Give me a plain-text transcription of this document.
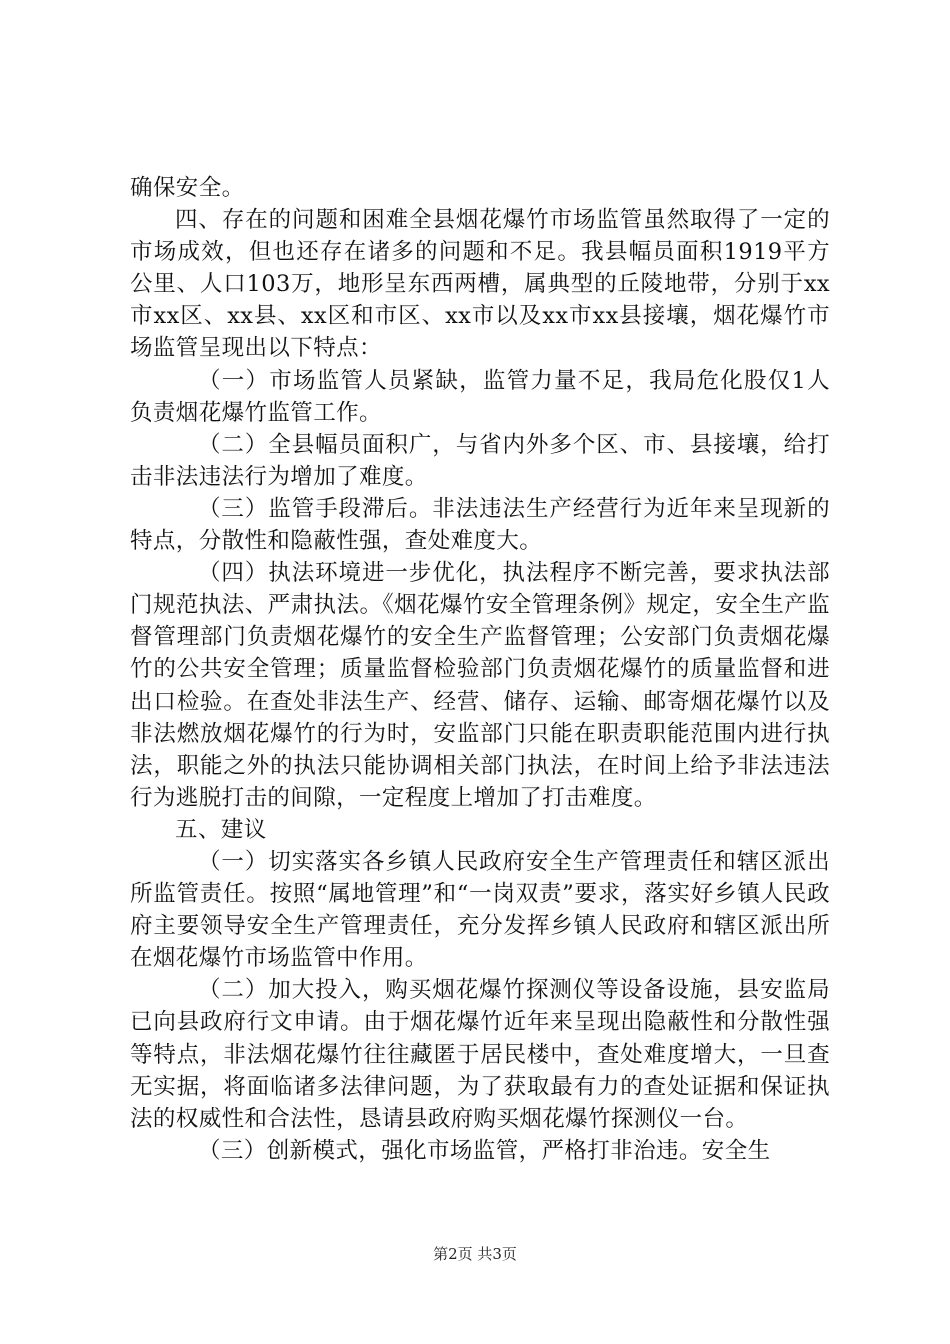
确保安全。

四、存在的问题和困难全县烟花爆竹市场监管虽然取得了一定的市场成效，但也还存在诸多的问题和不足。我县幅员面积1919平方公里、人口103万，地形呈东西两槽，属典型的丘陵地带，分别于xx市xx区、xx县、xx区和市区、xx市以及xx市xx县接壤，烟花爆竹市场监管呈现出以下特点：

（一）市场监管人员紧缺，监管力量不足，我局危化股仅1人负责烟花爆竹监管工作。

（二）全县幅员面积广，与省内外多个区、市、县接壤，给打击非法违法行为增加了难度。

（三）监管手段滞后。非法违法生产经营行为近年来呈现新的特点，分散性和隐蔽性强，查处难度大。

（四）执法环境进一步优化，执法程序不断完善，要求执法部门规范执法、严肃执法。《烟花爆竹安全管理条例》规定，安全生产监督管理部门负责烟花爆竹的安全生产监督管理；公安部门负责烟花爆竹的公共安全管理；质量监督检验部门负责烟花爆竹的质量监督和进出口检验。在查处非法生产、经营、储存、运输、邮寄烟花爆竹以及非法燃放烟花爆竹的行为时，安监部门只能在职责职能范围内进行执法，职能之外的执法只能协调相关部门执法，在时间上给予非法违法行为逃脱打击的间隙，一定程度上增加了打击难度。

五、建议

（一）切实落实各乡镇人民政府安全生产管理责任和辖区派出所监管责任。按照“属地管理”和“一岗双责”要求，落实好乡镇人民政府主要领导安全生产管理责任，充分发挥乡镇人民政府和辖区派出所在烟花爆竹市场监管中作用。

（二）加大投入，购买烟花爆竹探测仪等设备设施，县安监局已向县政府行文申请。由于烟花爆竹近年来呈现出隐蔽性和分散性强等特点，非法烟花爆竹往往藏匿于居民楼中，查处难度增大，一旦查无实据，将面临诸多法律问题，为了获取最有力的查处证据和保证执法的权威性和合法性，恳请县政府购买烟花爆竹探测仪一台。

（三）创新模式，强化市场监管，严格打非治违。安全生

第2页 共3页
